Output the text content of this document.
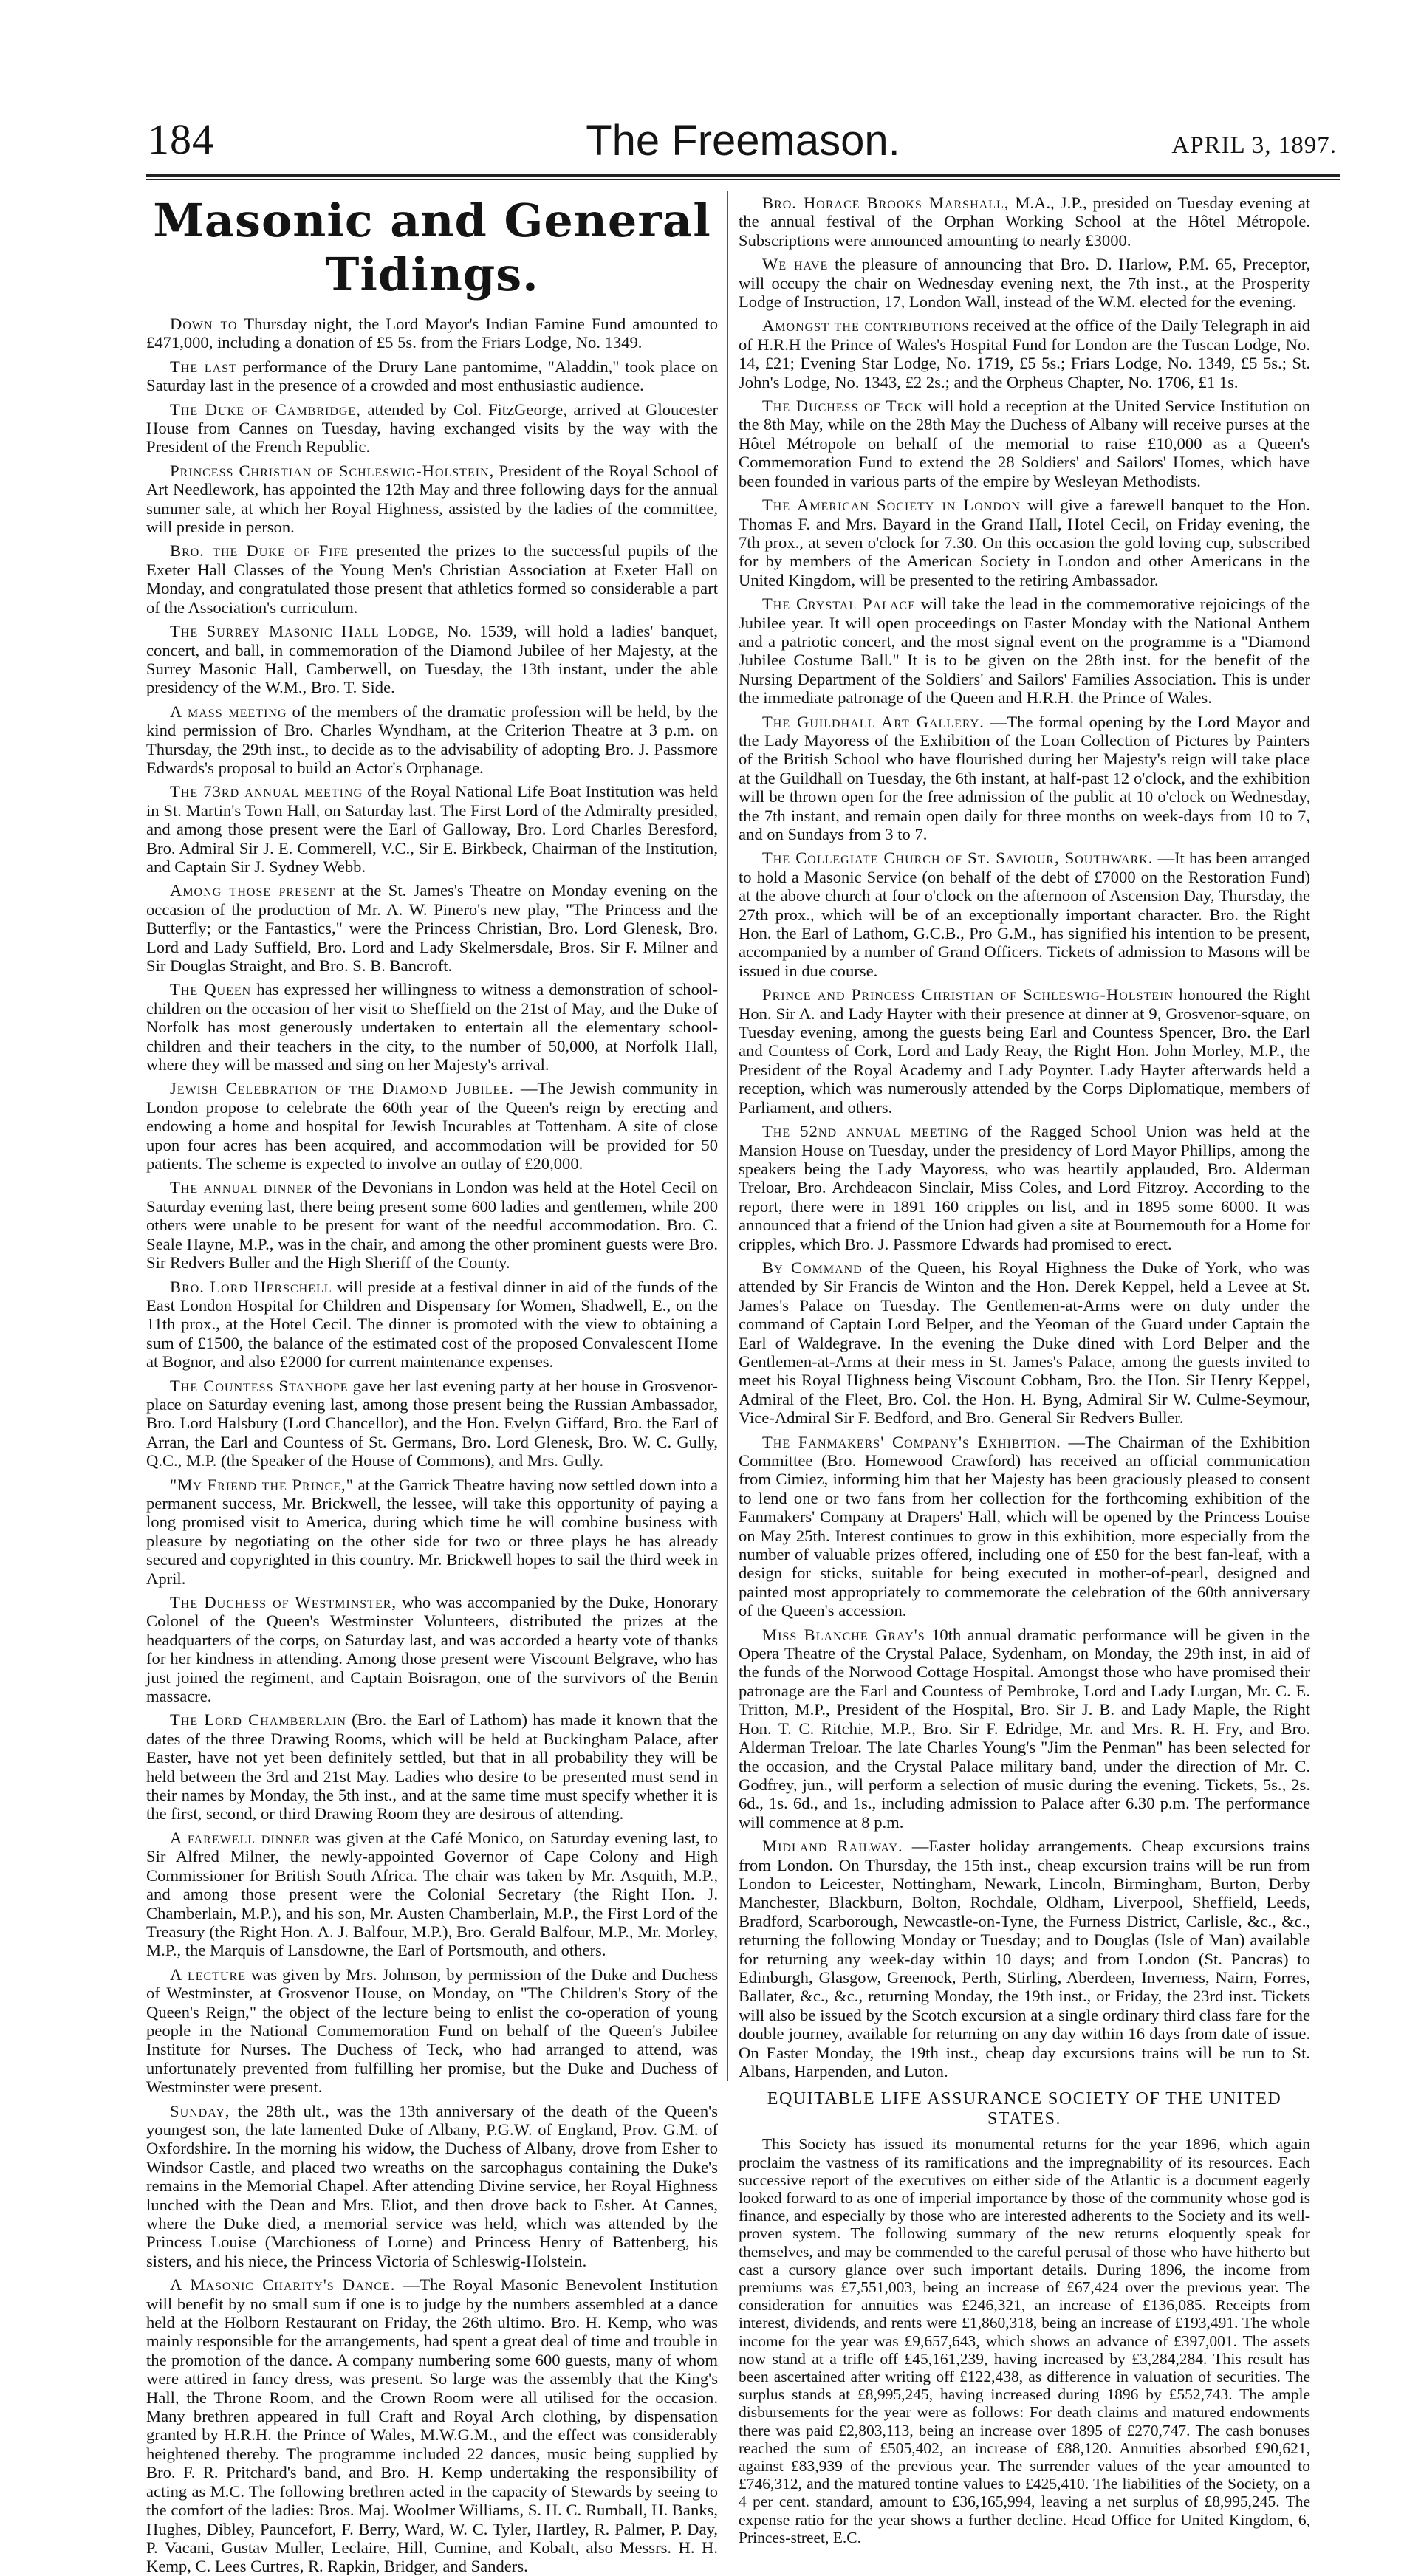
184	The Freemason.	APRIL 3, 1897.
Masonic and General Tidings.

Down to Thursday night, the Lord Mayor's Indian Famine Fund amounted to £471,000, including a donation of £5 5s. from the Friars Lodge, No. 1349.

The last performance of the Drury Lane pantomime, "Aladdin," took place on Saturday last in the presence of a crowded and most enthusiastic audience.

The Duke of Cambridge, attended by Col. FitzGeorge, arrived at Gloucester House from Cannes on Tuesday, having exchanged visits by the way with the President of the French Republic.

Princess Christian of Schleswig-Holstein, President of the Royal School of Art Needlework, has appointed the 12th May and three following days for the annual summer sale, at which her Royal Highness, assisted by the ladies of the committee, will preside in person.

Bro. the Duke of Fife presented the prizes to the successful pupils of the Exeter Hall Classes of the Young Men's Christian Association at Exeter Hall on Monday, and congratulated those present that athletics formed so considerable a part of the Association's curriculum.

The Surrey Masonic Hall Lodge, No. 1539, will hold a ladies' banquet, concert, and ball, in commemoration of the Diamond Jubilee of her Majesty, at the Surrey Masonic Hall, Camberwell, on Tuesday, the 13th instant, under the able presidency of the W.M., Bro. T. Side.

A mass meeting of the members of the dramatic profession will be held, by the kind permission of Bro. Charles Wyndham, at the Criterion Theatre at 3 p.m. on Thursday, the 29th inst., to decide as to the advisability of adopting Bro. J. Passmore Edwards's proposal to build an Actor's Orphanage.

The 73rd annual meeting of the Royal National Life Boat Institution was held in St. Martin's Town Hall, on Saturday last. The First Lord of the Admiralty presided, and among those present were the Earl of Galloway, Bro. Lord Charles Beresford, Bro. Admiral Sir J. E. Commerell, V.C., Sir E. Birkbeck, Chairman of the Institution, and Captain Sir J. Sydney Webb.

Among those present at the St. James's Theatre on Monday evening on the occasion of the production of Mr. A. W. Pinero's new play, "The Princess and the Butterfly; or the Fantastics," were the Princess Christian, Bro. Lord Glenesk, Bro. Lord and Lady Suffield, Bro. Lord and Lady Skelmersdale, Bros. Sir F. Milner and Sir Douglas Straight, and Bro. S. B. Bancroft.

The Queen has expressed her willingness to witness a demonstration of school-children on the occasion of her visit to Sheffield on the 21st of May, and the Duke of Norfolk has most generously undertaken to entertain all the elementary school-children and their teachers in the city, to the number of 50,000, at Norfolk Hall, where they will be massed and sing on her Majesty's arrival.

Jewish Celebration of the Diamond Jubilee. —The Jewish community in London propose to celebrate the 60th year of the Queen's reign by erecting and endowing a home and hospital for Jewish Incurables at Tottenham. A site of close upon four acres has been acquired, and accommodation will be provided for 50 patients. The scheme is expected to involve an outlay of £20,000.

The annual dinner of the Devonians in London was held at the Hotel Cecil on Saturday evening last, there being present some 600 ladies and gentlemen, while 200 others were unable to be present for want of the needful accommodation. Bro. C. Seale Hayne, M.P., was in the chair, and among the other prominent guests were Bro. Sir Redvers Buller and the High Sheriff of the County.

Bro. Lord Herschell will preside at a festival dinner in aid of the funds of the East London Hospital for Children and Dispensary for Women, Shadwell, E., on the 11th prox., at the Hotel Cecil. The dinner is promoted with the view to obtaining a sum of £1500, the balance of the estimated cost of the proposed Convalescent Home at Bognor, and also £2000 for current maintenance expenses.

The Countess Stanhope gave her last evening party at her house in Grosvenor-place on Saturday evening last, among those present being the Russian Ambassador, Bro. Lord Halsbury (Lord Chancellor), and the Hon. Evelyn Giffard, Bro. the Earl of Arran, the Earl and Countess of St. Germans, Bro. Lord Glenesk, Bro. W. C. Gully, Q.C., M.P. (the Speaker of the House of Commons), and Mrs. Gully.

"My Friend the Prince," at the Garrick Theatre having now settled down into a permanent success, Mr. Brickwell, the lessee, will take this opportunity of paying a long promised visit to America, during which time he will combine business with pleasure by negotiating on the other side for two or three plays he has already secured and copyrighted in this country. Mr. Brickwell hopes to sail the third week in April.

The Duchess of Westminster, who was accompanied by the Duke, Honorary Colonel of the Queen's Westminster Volunteers, distributed the prizes at the headquarters of the corps, on Saturday last, and was accorded a hearty vote of thanks for her kindness in attending. Among those present were Viscount Belgrave, who has just joined the regiment, and Captain Boisragon, one of the survivors of the Benin massacre.

The Lord Chamberlain (Bro. the Earl of Lathom) has made it known that the dates of the three Drawing Rooms, which will be held at Buckingham Palace, after Easter, have not yet been definitely settled, but that in all probability they will be held between the 3rd and 21st May. Ladies who desire to be presented must send in their names by Monday, the 5th inst., and at the same time must specify whether it is the first, second, or third Drawing Room they are desirous of attending.

A farewell dinner was given at the Café Monico, on Saturday evening last, to Sir Alfred Milner, the newly-appointed Governor of Cape Colony and High Commissioner for British South Africa. The chair was taken by Mr. Asquith, M.P., and among those present were the Colonial Secretary (the Right Hon. J. Chamberlain, M.P.), and his son, Mr. Austen Chamberlain, M.P., the First Lord of the Treasury (the Right Hon. A. J. Balfour, M.P.), Bro. Gerald Balfour, M.P., Mr. Morley, M.P., the Marquis of Lansdowne, the Earl of Portsmouth, and others.

A lecture was given by Mrs. Johnson, by permission of the Duke and Duchess of Westminster, at Grosvenor House, on Monday, on "The Children's Story of the Queen's Reign," the object of the lecture being to enlist the co-operation of young people in the National Commemoration Fund on behalf of the Queen's Jubilee Institute for Nurses. The Duchess of Teck, who had arranged to attend, was unfortunately prevented from fulfilling her promise, but the Duke and Duchess of Westminster were present.

Sunday, the 28th ult., was the 13th anniversary of the death of the Queen's youngest son, the late lamented Duke of Albany, P.G.W. of England, Prov. G.M. of Oxfordshire. In the morning his widow, the Duchess of Albany, drove from Esher to Windsor Castle, and placed two wreaths on the sarcophagus containing the Duke's remains in the Memorial Chapel. After attending Divine service, her Royal Highness lunched with the Dean and Mrs. Eliot, and then drove back to Esher. At Cannes, where the Duke died, a memorial service was held, which was attended by the Princess Louise (Marchioness of Lorne) and Princess Henry of Battenberg, his sisters, and his niece, the Princess Victoria of Schleswig-Holstein.

A Masonic Charity's Dance. —The Royal Masonic Benevolent Institution will benefit by no small sum if one is to judge by the numbers assembled at a dance held at the Holborn Restaurant on Friday, the 26th ultimo. Bro. H. Kemp, who was mainly responsible for the arrangements, had spent a great deal of time and trouble in the promotion of the dance. A company numbering some 600 guests, many of whom were attired in fancy dress, was present. So large was the assembly that the King's Hall, the Throne Room, and the Crown Room were all utilised for the occasion. Many brethren appeared in full Craft and Royal Arch clothing, by dispensation granted by H.R.H. the Prince of Wales, M.W.G.M., and the effect was considerably heightened thereby. The programme included 22 dances, music being supplied by Bro. F. R. Pritchard's band, and Bro. H. Kemp undertaking the responsibility of acting as M.C. The following brethren acted in the capacity of Stewards by seeing to the comfort of the ladies: Bros. Maj. Woolmer Williams, S. H. C. Rumball, H. Banks, Hughes, Dibley, Pauncefort, F. Berry, Ward, W. C. Tyler, Hartley, R. Palmer, P. Day, P. Vacani, Gustav Muller, Leclaire, Hill, Cumine, and Kobalt, also Messrs. H. H. Kemp, C. Lees Curtres, R. Rapkin, Bridger, and Sanders.

Bro. Horace Brooks Marshall, M.A., J.P., presided on Tuesday evening at the annual festival of the Orphan Working School at the Hôtel Métropole. Subscriptions were announced amounting to nearly £3000.

We have the pleasure of announcing that Bro. D. Harlow, P.M. 65, Preceptor, will occupy the chair on Wednesday evening next, the 7th inst., at the Prosperity Lodge of Instruction, 17, London Wall, instead of the W.M. elected for the evening.

Amongst the contributions received at the office of the Daily Telegraph in aid of H.R.H the Prince of Wales's Hospital Fund for London are the Tuscan Lodge, No. 14, £21; Evening Star Lodge, No. 1719, £5 5s.; Friars Lodge, No. 1349, £5 5s.; St. John's Lodge, No. 1343, £2 2s.; and the Orpheus Chapter, No. 1706, £1 1s.

The Duchess of Teck will hold a reception at the United Service Institution on the 8th May, while on the 28th May the Duchess of Albany will receive purses at the Hôtel Métropole on behalf of the memorial to raise £10,000 as a Queen's Commemoration Fund to extend the 28 Soldiers' and Sailors' Homes, which have been founded in various parts of the empire by Wesleyan Methodists.

The American Society in London will give a farewell banquet to the Hon. Thomas F. and Mrs. Bayard in the Grand Hall, Hotel Cecil, on Friday evening, the 7th prox., at seven o'clock for 7.30. On this occasion the gold loving cup, subscribed for by members of the American Society in London and other Americans in the United Kingdom, will be presented to the retiring Ambassador.

The Crystal Palace will take the lead in the commemorative rejoicings of the Jubilee year. It will open proceedings on Easter Monday with the National Anthem and a patriotic concert, and the most signal event on the programme is a "Diamond Jubilee Costume Ball." It is to be given on the 28th inst. for the benefit of the Nursing Department of the Soldiers' and Sailors' Families Association. This is under the immediate patronage of the Queen and H.R.H. the Prince of Wales.

The Guildhall Art Gallery. —The formal opening by the Lord Mayor and the Lady Mayoress of the Exhibition of the Loan Collection of Pictures by Painters of the British School who have flourished during her Majesty's reign will take place at the Guildhall on Tuesday, the 6th instant, at half-past 12 o'clock, and the exhibition will be thrown open for the free admission of the public at 10 o'clock on Wednesday, the 7th instant, and remain open daily for three months on week-days from 10 to 7, and on Sundays from 3 to 7.

The Collegiate Church of St. Saviour, Southwark. —It has been arranged to hold a Masonic Service (on behalf of the debt of £7000 on the Restoration Fund) at the above church at four o'clock on the afternoon of Ascension Day, Thursday, the 27th prox., which will be of an exceptionally important character. Bro. the Right Hon. the Earl of Lathom, G.C.B., Pro G.M., has signified his intention to be present, accompanied by a number of Grand Officers. Tickets of admission to Masons will be issued in due course.

Prince and Princess Christian of Schleswig-Holstein honoured the Right Hon. Sir A. and Lady Hayter with their presence at dinner at 9, Grosvenor-square, on Tuesday evening, among the guests being Earl and Countess Spencer, Bro. the Earl and Countess of Cork, Lord and Lady Reay, the Right Hon. John Morley, M.P., the President of the Royal Academy and Lady Poynter. Lady Hayter afterwards held a reception, which was numerously attended by the Corps Diplomatique, members of Parliament, and others.

The 52nd annual meeting of the Ragged School Union was held at the Mansion House on Tuesday, under the presidency of Lord Mayor Phillips, among the speakers being the Lady Mayoress, who was heartily applauded, Bro. Alderman Treloar, Bro. Archdeacon Sinclair, Miss Coles, and Lord Fitzroy. According to the report, there were in 1891 160 cripples on list, and in 1895 some 6000. It was announced that a friend of the Union had given a site at Bournemouth for a Home for cripples, which Bro. J. Passmore Edwards had promised to erect.

By Command of the Queen, his Royal Highness the Duke of York, who was attended by Sir Francis de Winton and the Hon. Derek Keppel, held a Levee at St. James's Palace on Tuesday. The Gentlemen-at-Arms were on duty under the command of Captain Lord Belper, and the Yeoman of the Guard under Captain the Earl of Waldegrave. In the evening the Duke dined with Lord Belper and the Gentlemen-at-Arms at their mess in St. James's Palace, among the guests invited to meet his Royal Highness being Viscount Cobham, Bro. the Hon. Sir Henry Keppel, Admiral of the Fleet, Bro. Col. the Hon. H. Byng, Admiral Sir W. Culme-Seymour, Vice-Admiral Sir F. Bedford, and Bro. General Sir Redvers Buller.

The Fanmakers' Company's Exhibition. —The Chairman of the Exhibition Committee (Bro. Homewood Crawford) has received an official communication from Cimiez, informing him that her Majesty has been graciously pleased to consent to lend one or two fans from her collection for the forthcoming exhibition of the Fanmakers' Company at Drapers' Hall, which will be opened by the Princess Louise on May 25th. Interest continues to grow in this exhibition, more especially from the number of valuable prizes offered, including one of £50 for the best fan-leaf, with a design for sticks, suitable for being executed in mother-of-pearl, designed and painted most appropriately to commemorate the celebration of the 60th anniversary of the Queen's accession.

Miss Blanche Gray's 10th annual dramatic performance will be given in the Opera Theatre of the Crystal Palace, Sydenham, on Monday, the 29th inst, in aid of the funds of the Norwood Cottage Hospital. Amongst those who have promised their patronage are the Earl and Countess of Pembroke, Lord and Lady Lurgan, Mr. C. E. Tritton, M.P., President of the Hospital, Bro. Sir J. B. and Lady Maple, the Right Hon. T. C. Ritchie, M.P., Bro. Sir F. Edridge, Mr. and Mrs. R. H. Fry, and Bro. Alderman Treloar. The late Charles Young's "Jim the Penman" has been selected for the occasion, and the Crystal Palace military band, under the direction of Mr. C. Godfrey, jun., will perform a selection of music during the evening. Tickets, 5s., 2s. 6d., 1s. 6d., and 1s., including admission to Palace after 6.30 p.m. The performance will commence at 8 p.m.

Midland Railway. —Easter holiday arrangements. Cheap excursions trains from London. On Thursday, the 15th inst., cheap excursion trains will be run from London to Leicester, Nottingham, Newark, Lincoln, Birmingham, Burton, Derby Manchester, Blackburn, Bolton, Rochdale, Oldham, Liverpool, Sheffield, Leeds, Bradford, Scarborough, Newcastle-on-Tyne, the Furness District, Carlisle, &c., &c., returning the following Monday or Tuesday; and to Douglas (Isle of Man) available for returning any week-day within 10 days; and from London (St. Pancras) to Edinburgh, Glasgow, Greenock, Perth, Stirling, Aberdeen, Inverness, Nairn, Forres, Ballater, &c., &c., returning Monday, the 19th inst., or Friday, the 23rd inst. Tickets will also be issued by the Scotch excursion at a single ordinary third class fare for the double journey, available for returning on any day within 16 days from date of issue. On Easter Monday, the 19th inst., cheap day excursions trains will be run to St. Albans, Harpenden, and Luton.

EQUITABLE LIFE ASSURANCE SOCIETY OF THE UNITED STATES.

This Society has issued its monumental returns for the year 1896, which again proclaim the vastness of its ramifications and the impregnability of its resources. Each successive report of the executives on either side of the Atlantic is a document eagerly looked forward to as one of imperial importance by those of the community whose god is finance, and especially by those who are interested adherents to the Society and its well-proven system. The following summary of the new returns eloquently speak for themselves, and may be commended to the careful perusal of those who have hitherto but cast a cursory glance over such important details. During 1896, the income from premiums was £7,551,003, being an increase of £67,424 over the previous year. The consideration for annuities was £246,321, an increase of £136,085. Receipts from interest, dividends, and rents were £1,860,318, being an increase of £193,491. The whole income for the year was £9,657,643, which shows an advance of £397,001. The assets now stand at a trifle off £45,161,239, having increased by £3,284,284. This result has been ascertained after writing off £122,438, as difference in valuation of securities. The surplus stands at £8,995,245, having increased during 1896 by £552,743. The ample disbursements for the year were as follows: For death claims and matured endowments there was paid £2,803,113, being an increase over 1895 of £270,747. The cash bonuses reached the sum of £505,402, an increase of £88,120. Annuities absorbed £90,621, against £83,939 of the previous year. The surrender values of the year amounted to £746,312, and the matured tontine values to £425,410. The liabilities of the Society, on a 4 per cent. standard, amount to £36,165,994, leaving a net surplus of £8,995,245. The expense ratio for the year shows a further decline. Head Office for United Kingdom, 6, Princes-street, E.C.
